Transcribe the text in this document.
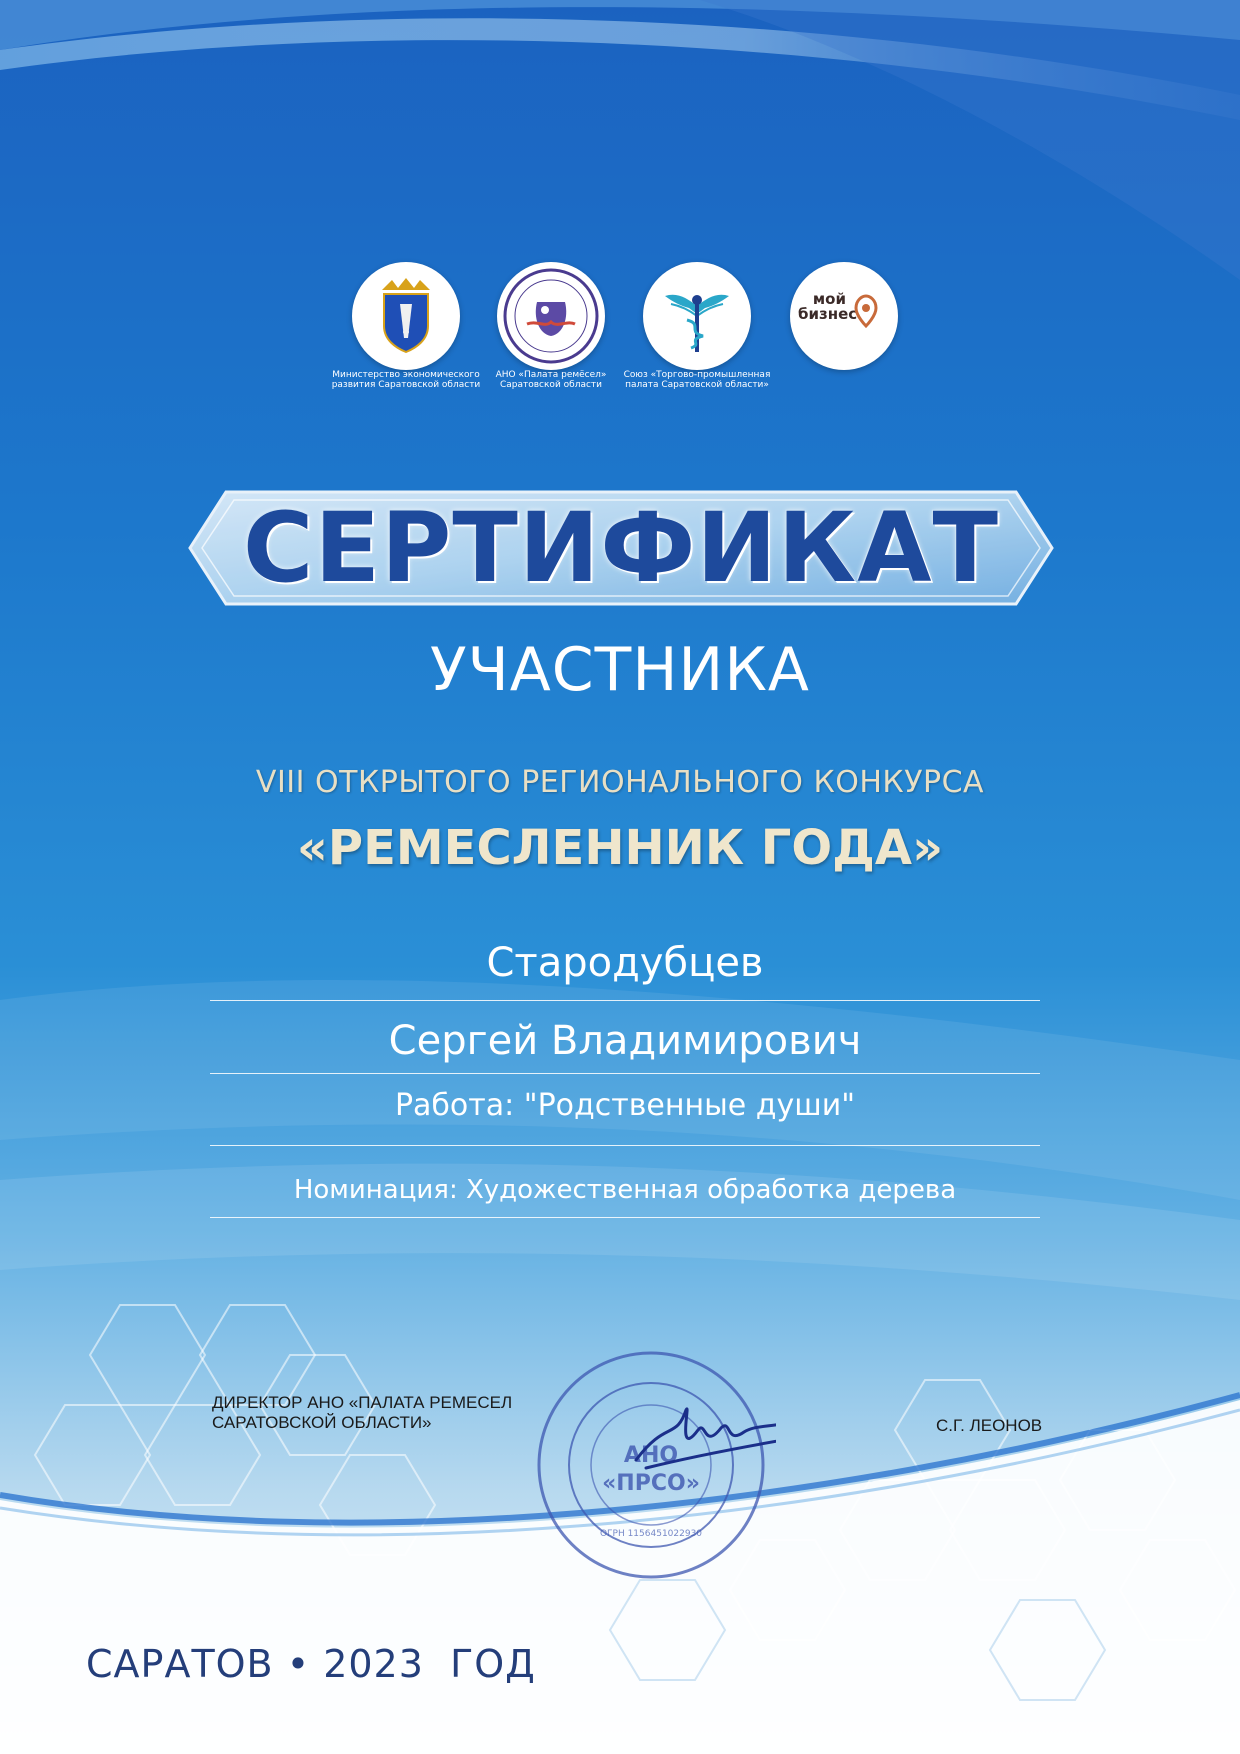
Министерство экономического развития Саратовской области
АНО «Палата ремёсел» Саратовской области
Союз «Торгово-промышленная палата Саратовской области»
мой
бизнес
СЕРТИФИКАТ
УЧАСТНИКА
VIII ОТКРЫТОГО РЕГИОНАЛЬНОГО КОНКУРСА
«РЕМЕСЛЕННИК ГОДА»
Стародубцев
Сергей Владимирович
Работа: "Родственные души"
Номинация: Художественная обработка дерева
ДИРЕКТОР АНО «ПАЛАТА РЕМЕСЕЛ
САРАТОВСКОЙ ОБЛАСТИ»
АНО
«ПРСО»
ОГРН 1156451022930
С.Г. ЛЕОНОВ
САРАТОВ • 2023  ГОД
